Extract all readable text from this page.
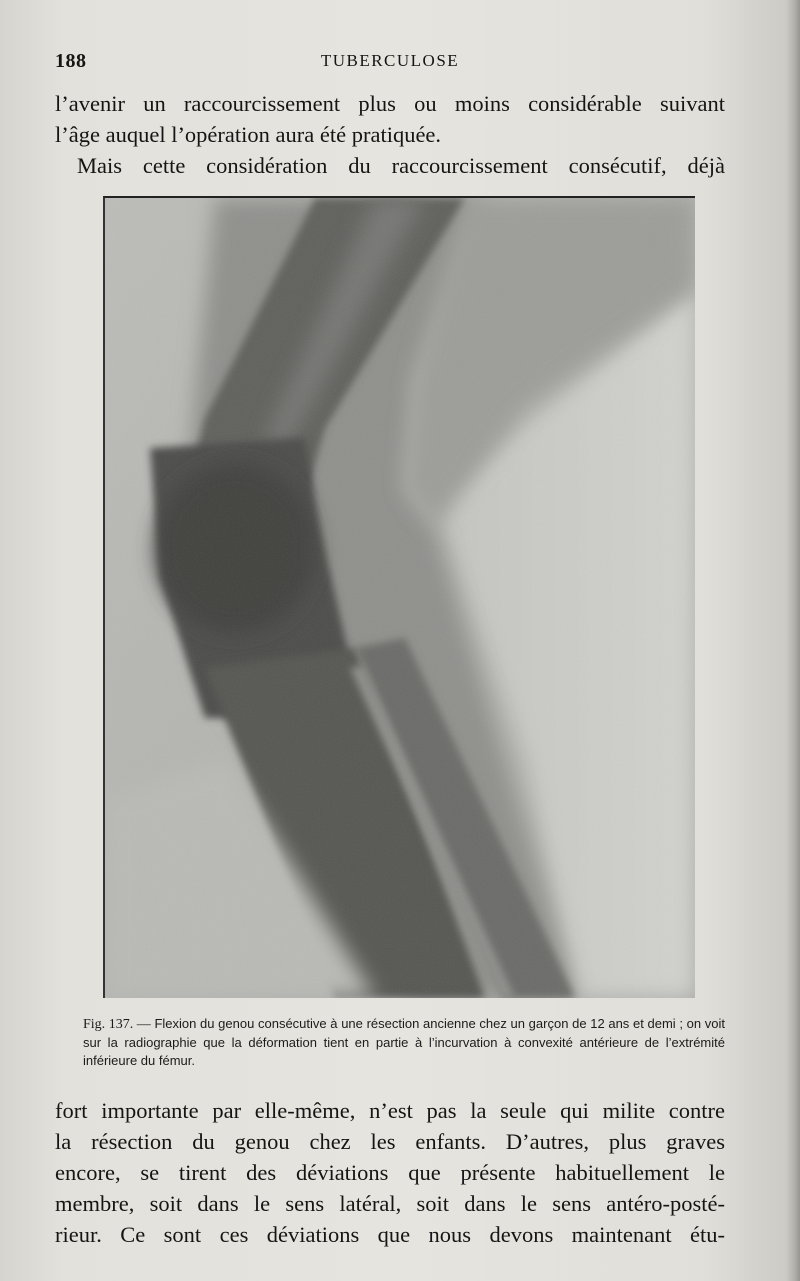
188	TUBERCULOSE
l’avenir un raccourcissement plus ou moins considérable suivant
l’âge auquel l’opération aura été pratiquée.
Mais cette considération du raccourcissement consécutif, déjà
Fig. 137. — Flexion du genou consécutive à une résection ancienne chez un garçon de 12 ans et demi ; on voit sur la radiographie que la déformation tient en partie à l’incurvation à convexité antérieure de l’extrémité inférieure du fémur.
fort importante par elle-même, n’est pas la seule qui milite contre
la résection du genou chez les enfants. D’autres, plus graves
encore, se tirent des déviations que présente habituellement le
membre, soit dans le sens latéral, soit dans le sens antéro-posté-
rieur. Ce sont ces déviations que nous devons maintenant étu-
